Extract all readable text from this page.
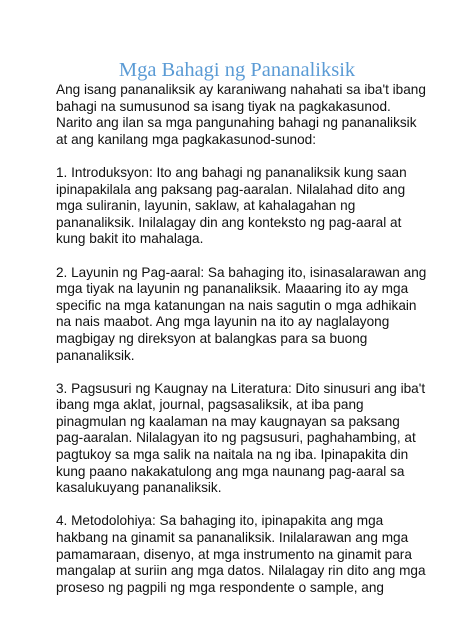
Mga Bahagi ng Pananaliksik

Ang isang pananaliksik ay karaniwang nahahati sa iba't ibang
bahagi na sumusunod sa isang tiyak na pagkakasunod.
Narito ang ilan sa mga pangunahing bahagi ng pananaliksik
at ang kanilang mga pagkakasunod-sunod:

1. Introduksyon: Ito ang bahagi ng pananaliksik kung saan
ipinapakilala ang paksang pag-aaralan. Nilalahad dito ang
mga suliranin, layunin, saklaw, at kahalagahan ng
pananaliksik. Inilalagay din ang konteksto ng pag-aaral at
kung bakit ito mahalaga.

2. Layunin ng Pag-aaral: Sa bahaging ito, isinasalarawan ang
mga tiyak na layunin ng pananaliksik. Maaaring ito ay mga
specific na mga katanungan na nais sagutin o mga adhikain
na nais maabot. Ang mga layunin na ito ay naglalayong
magbigay ng direksyon at balangkas para sa buong
pananaliksik.

3. Pagsusuri ng Kaugnay na Literatura: Dito sinusuri ang iba't
ibang mga aklat, journal, pagsasaliksik, at iba pang
pinagmulan ng kaalaman na may kaugnayan sa paksang
pag-aaralan. Nilalagyan ito ng pagsusuri, paghahambing, at
pagtukoy sa mga salik na naitala na ng iba. Ipinapakita din
kung paano nakakatulong ang mga naunang pag-aaral sa
kasalukuyang pananaliksik.

4. Metodolohiya: Sa bahaging ito, ipinapakita ang mga
hakbang na ginamit sa pananaliksik. Inilalarawan ang mga
pamamaraan, disenyo, at mga instrumento na ginamit para
mangalap at suriin ang mga datos. Nilalagay rin dito ang mga
proseso ng pagpili ng mga respondente o sample, ang
